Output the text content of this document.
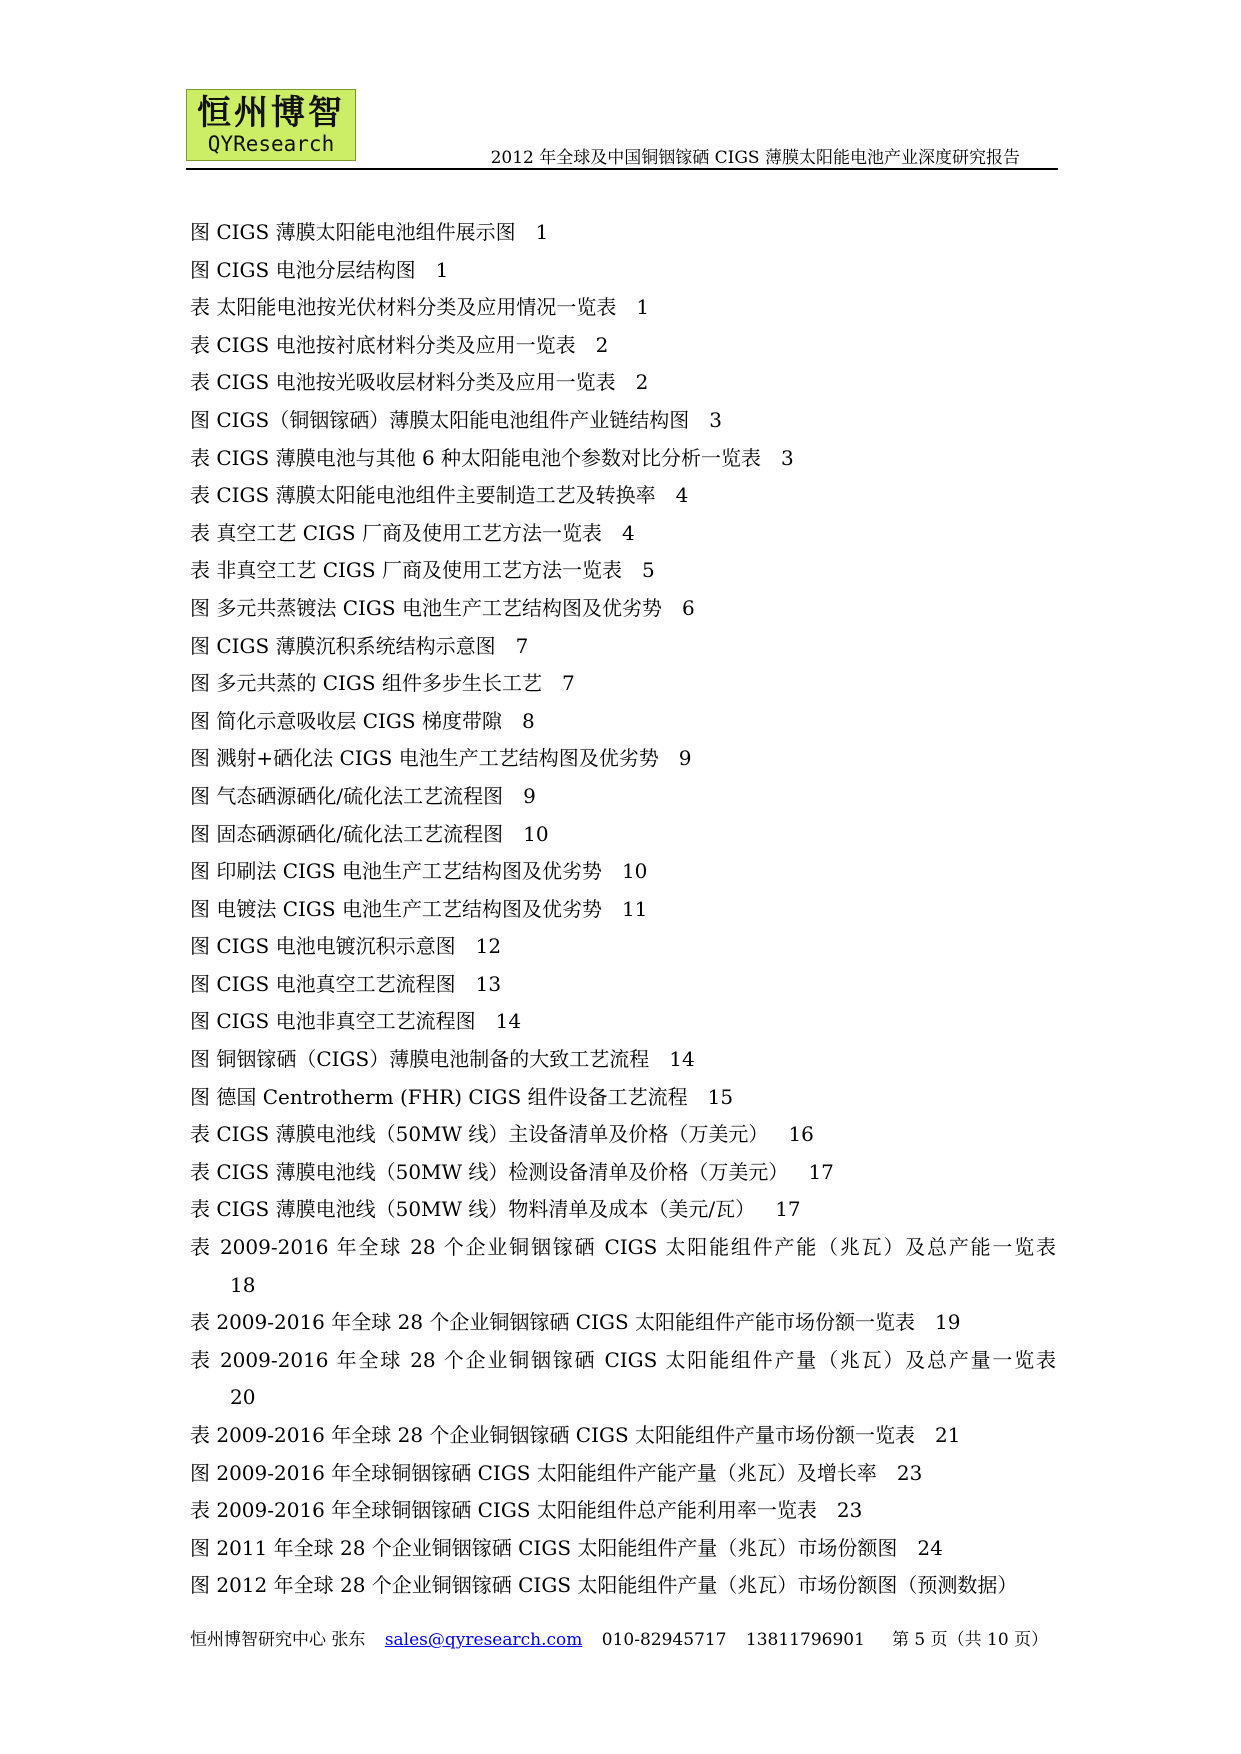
恒州博智
QYResearch
2012 年全球及中国铜铟镓硒 CIGS 薄膜太阳能电池产业深度研究报告
图 CIGS 薄膜太阳能电池组件展示图 1
图 CIGS 电池分层结构图 1
表 太阳能电池按光伏材料分类及应用情况一览表 1
表 CIGS 电池按衬底材料分类及应用一览表 2
表 CIGS 电池按光吸收层材料分类及应用一览表 2
图 CIGS（铜铟镓硒）薄膜太阳能电池组件产业链结构图 3
表 CIGS 薄膜电池与其他 6 种太阳能电池个参数对比分析一览表 3
表 CIGS 薄膜太阳能电池组件主要制造工艺及转换率 4
表 真空工艺 CIGS 厂商及使用工艺方法一览表 4
表 非真空工艺 CIGS 厂商及使用工艺方法一览表 5
图 多元共蒸镀法 CIGS 电池生产工艺结构图及优劣势 6
图 CIGS 薄膜沉积系统结构示意图 7
图 多元共蒸的 CIGS 组件多步生长工艺 7
图 简化示意吸收层 CIGS 梯度带隙 8
图 溅射+硒化法 CIGS 电池生产工艺结构图及优劣势 9
图 气态硒源硒化/硫化法工艺流程图 9
图 固态硒源硒化/硫化法工艺流程图 10
图 印刷法 CIGS 电池生产工艺结构图及优劣势 10
图 电镀法 CIGS 电池生产工艺结构图及优劣势 11
图 CIGS 电池电镀沉积示意图 12
图 CIGS 电池真空工艺流程图 13
图 CIGS 电池非真空工艺流程图 14
图 铜铟镓硒（CIGS）薄膜电池制备的大致工艺流程 14
图 德国 Centrotherm (FHR) CIGS 组件设备工艺流程 15
表 CIGS 薄膜电池线（50MW 线）主设备清单及价格（万美元） 16
表 CIGS 薄膜电池线（50MW 线）检测设备清单及价格（万美元） 17
表 CIGS 薄膜电池线（50MW 线）物料清单及成本（美元/瓦） 17
表 2009-2016 年全球 28 个企业铜铟镓硒 CIGS 太阳能组件产能（兆瓦）及总产能一览表
18
表 2009-2016 年全球 28 个企业铜铟镓硒 CIGS 太阳能组件产能市场份额一览表 19
表 2009-2016 年全球 28 个企业铜铟镓硒 CIGS 太阳能组件产量（兆瓦）及总产量一览表
20
表 2009-2016 年全球 28 个企业铜铟镓硒 CIGS 太阳能组件产量市场份额一览表 21
图 2009-2016 年全球铜铟镓硒 CIGS 太阳能组件产能产量（兆瓦）及增长率 23
表 2009-2016 年全球铜铟镓硒 CIGS 太阳能组件总产能利用率一览表 23
图 2011 年全球 28 个企业铜铟镓硒 CIGS 太阳能组件产量（兆瓦）市场份额图 24
图 2012 年全球 28 个企业铜铟镓硒 CIGS 太阳能组件产量（兆瓦）市场份额图（预测数据）
恒州博智研究中心 张东 sales@qyresearch.com 010-82945717 13811796901 第 5 页（共 10 页）
